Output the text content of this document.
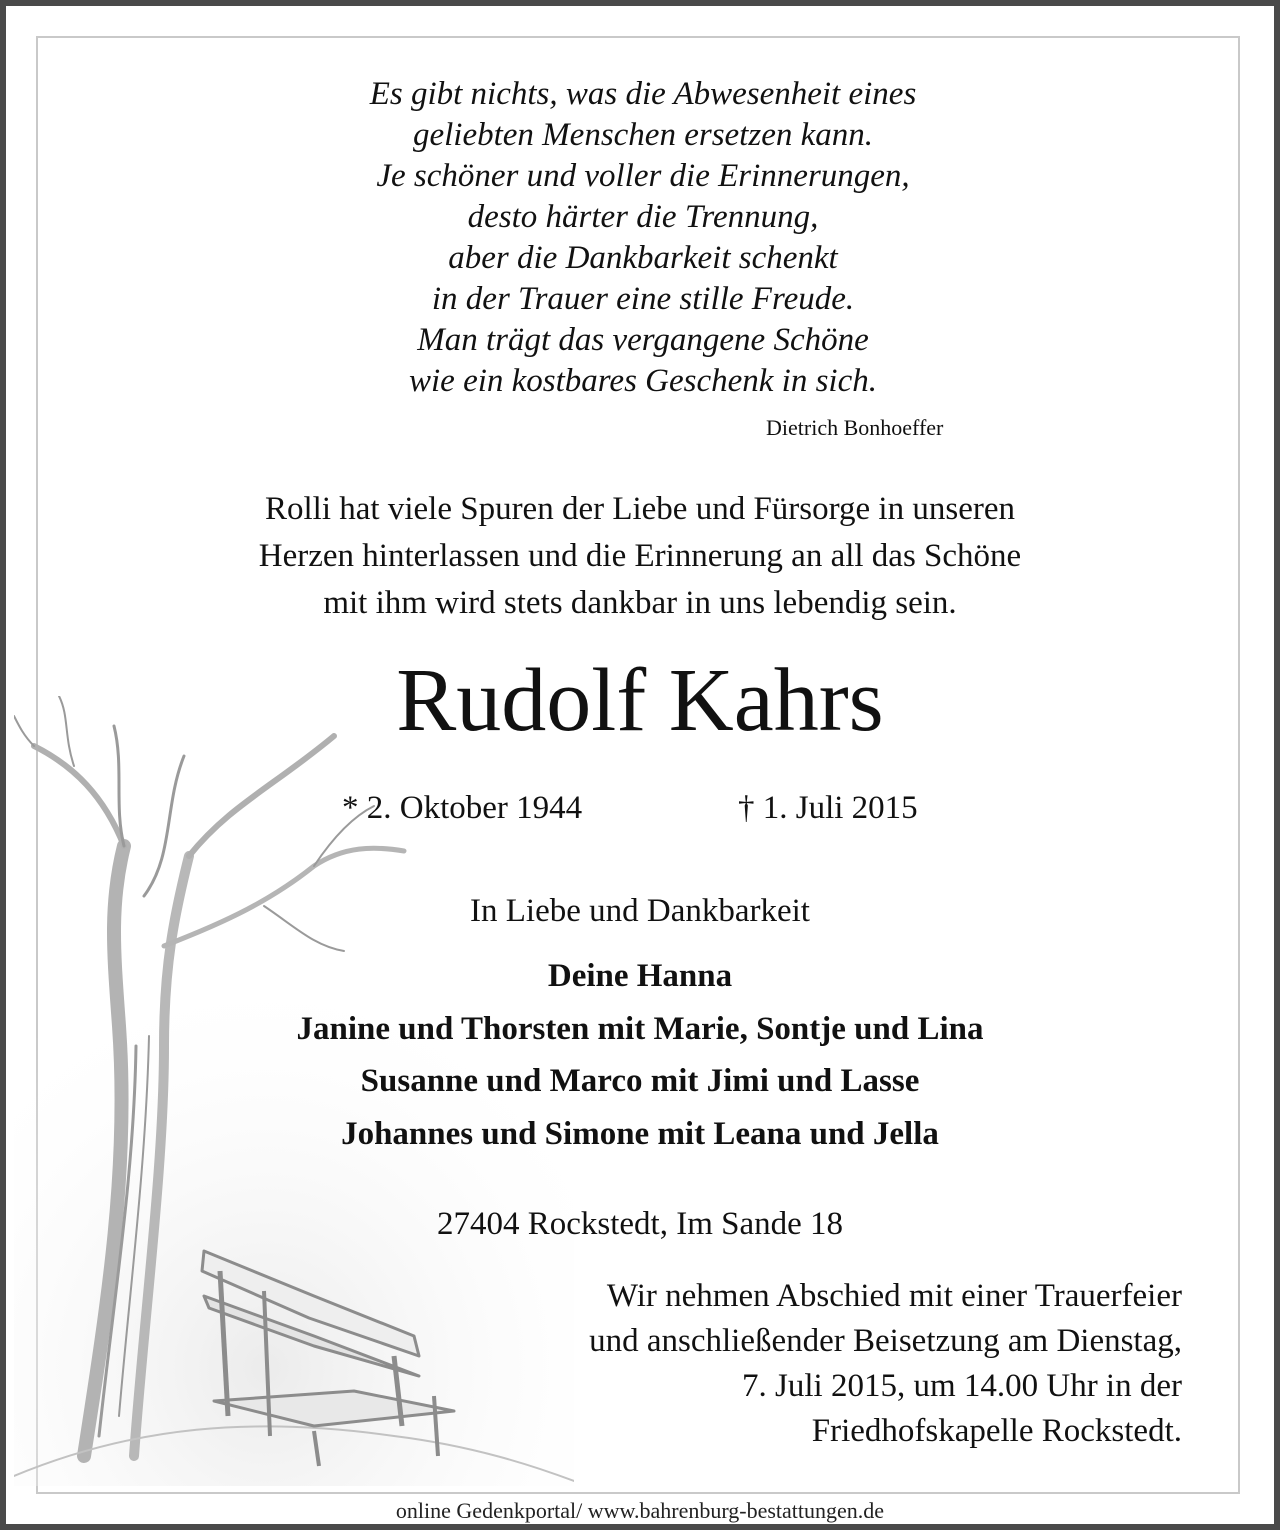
Es gibt nichts, was die Abwesenheit eines
geliebten Menschen ersetzen kann.
Je schöner und voller die Erinnerungen,
desto härter die Trennung,
aber die Dankbarkeit schenkt
in der Trauer eine stille Freude.
Man trägt das vergangene Schöne
wie ein kostbares Geschenk in sich.
Dietrich Bonhoeffer
Rolli hat viele Spuren der Liebe und Fürsorge in unseren
Herzen hinterlassen und die Erinnerung an all das Schöne
mit ihm wird stets dankbar in uns lebendig sein.
Rudolf Kahrs
* 2. Oktober 1944	† 1. Juli 2015
In Liebe und Dankbarkeit
Deine Hanna
Janine und Thorsten mit Marie, Sontje und Lina
Susanne und Marco mit Jimi und Lasse
Johannes und Simone mit Leana und Jella
27404 Rockstedt, Im Sande 18
Wir nehmen Abschied mit einer Trauerfeier
und anschließender Beisetzung am Dienstag,
7. Juli 2015, um 14.00 Uhr in der
Friedhofskapelle Rockstedt.
online Gedenkportal/ www.bahrenburg-bestattungen.de
